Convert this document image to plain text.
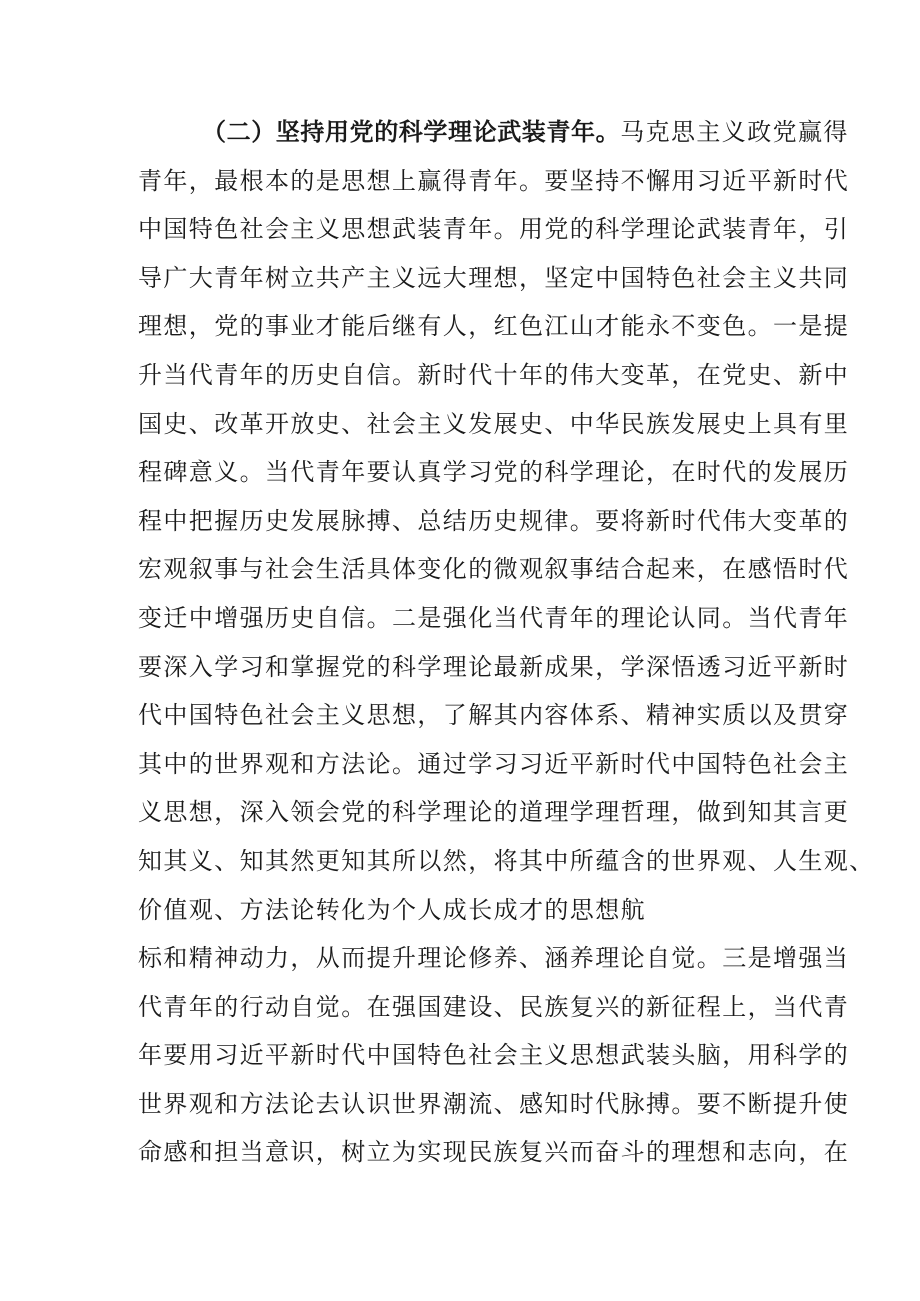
（二）坚持用党的科学理论武装青年。马克思主义政党赢得
青年，最根本的是思想上赢得青年。要坚持不懈用习近平新时代
中国特色社会主义思想武装青年。用党的科学理论武装青年，引
导广大青年树立共产主义远大理想，坚定中国特色社会主义共同
理想，党的事业才能后继有人，红色江山才能永不变色。一是提
升当代青年的历史自信。新时代十年的伟大变革，在党史、新中
国史、改革开放史、社会主义发展史、中华民族发展史上具有里
程碑意义。当代青年要认真学习党的科学理论，在时代的发展历
程中把握历史发展脉搏、总结历史规律。要将新时代伟大变革的
宏观叙事与社会生活具体变化的微观叙事结合起来，在感悟时代
变迁中增强历史自信。二是强化当代青年的理论认同。当代青年
要深入学习和掌握党的科学理论最新成果，学深悟透习近平新时
代中国特色社会主义思想，了解其内容体系、精神实质以及贯穿
其中的世界观和方法论。通过学习习近平新时代中国特色社会主
义思想，深入领会党的科学理论的道理学理哲理，做到知其言更
知其义、知其然更知其所以然，将其中所蕴含的世界观、人生观、
价值观、方法论转化为个人成长成才的思想航
标和精神动力，从而提升理论修养、涵养理论自觉。三是增强当
代青年的行动自觉。在强国建设、民族复兴的新征程上，当代青
年要用习近平新时代中国特色社会主义思想武装头脑，用科学的
世界观和方法论去认识世界潮流、感知时代脉搏。要不断提升使
命感和担当意识，树立为实现民族复兴而奋斗的理想和志向，在
